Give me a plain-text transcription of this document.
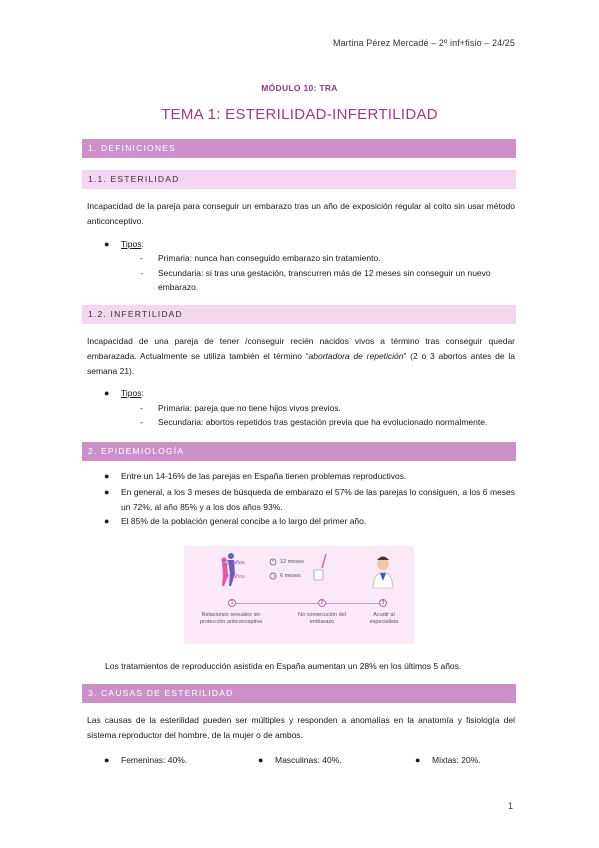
Martina Pérez Mercadé – 2º inf+fisio – 24/25
MÓDULO 10: TRA
TEMA 1: ESTERILIDAD-INFERTILIDAD
1. DEFINICIONES
1.1. ESTERILIDAD
Incapacidad de la pareja para conseguir un embarazo tras un año de exposición regular al coito sin usar método anticonceptivo.
● Tipos:
- Primaria: nunca han conseguido embarazo sin tratamiento.
- Secundaria: si tras una gestación, transcurren más de 12 meses sin conseguir un nuevo embarazo.
1.2. INFERTILIDAD
Incapacidad de una pareja de tener /conseguir recién nacidos vivos a término tras conseguir quedar embarazada. Actualmente se utiliza también el término “abortadora de repetición” (2 o 3 abortos antes de la semana 21).
● Tipos:
- Primaria: pareja que no tiene hijos vivos previos.
- Secundaria: abortos repetidos tras gestación previa que ha evolucionado normalmente.
2. EPIDEMIOLOGÍA
● Entre un 14-16% de las parejas en España tienen problemas reproductivos.
● En general, a los 3 meses de búsqueda de embarazo el 57% de las parejas lo consiguen, a los 6 meses un 72%, al año 85% y a los dos años 93%.
● El 85% de la población general concibe a lo largo del primer año.
<35 años	12 meses
>35 años	6 meses
1	2	3
Relaciones sexuales sin protección anticonceptiva
No consecución del embarazo
Acudir al especialista
Los tratamientos de reproducción asistida en España aumentan un 28% en los últimos 5 años.
3. CAUSAS DE ESTERILIDAD
Las causas de la esterilidad pueden ser múltiples y responden a anomalías en la anatomía y fisiología del sistema reproductor del hombre, de la mujer o de ambos.
● Femeninas: 40%.	● Masculinas: 40%.	● Mixtas: 20%.
1
